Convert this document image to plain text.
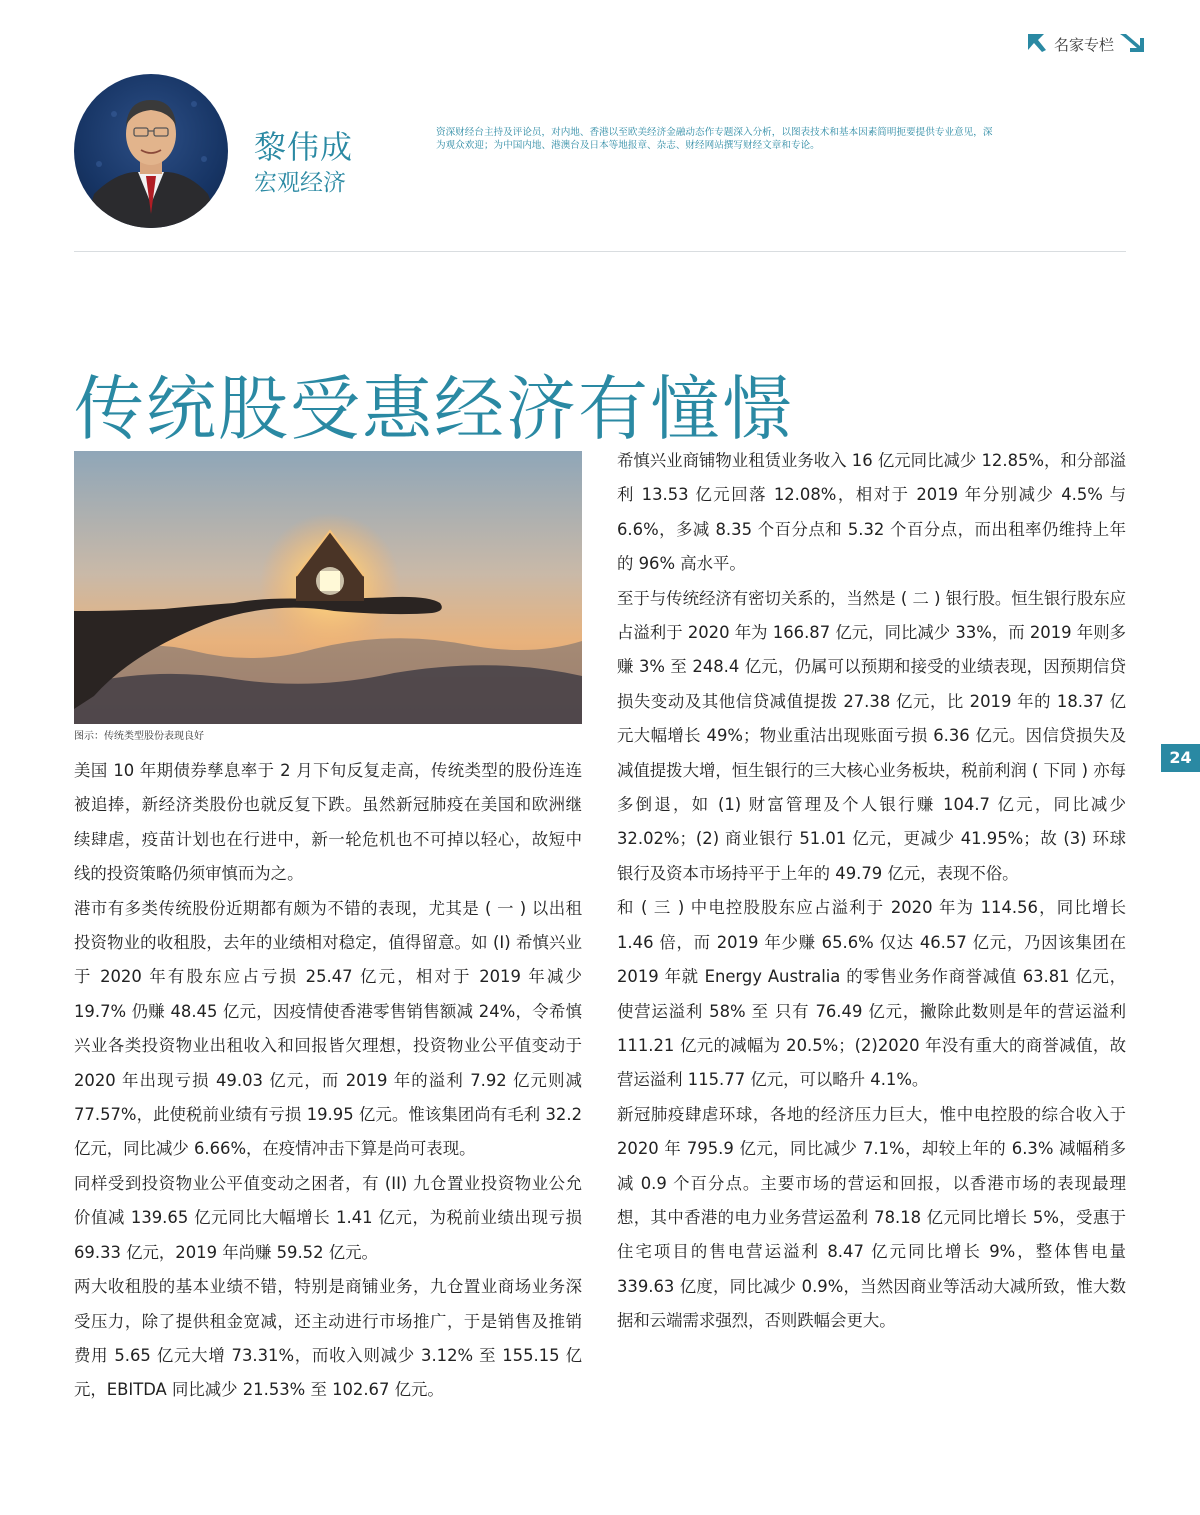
名家专栏
黎伟成
宏观经济
资深财经台主持及评论员，对内地、香港以至欧美经济金融动态作专题深入分析，以图表技术和基本因素简明扼要提供专业意见，深为观众欢迎；为中国内地、港澳台及日本等地报章、杂志、财经网站撰写财经文章和专论。
传统股受惠经济有憧憬
图示：传统类型股份表现良好

美国 10 年期债券孳息率于 2 月下旬反复走高，传统类型的股份连连被追捧，新经济类股份也就反复下跌。虽然新冠肺疫在美国和欧洲继续肆虐，疫苗计划也在行进中，新一轮危机也不可掉以轻心，故短中线的投资策略仍须审慎而为之。

港市有多类传统股份近期都有颇为不错的表现，尤其是 ( 一 ) 以出租投资物业的收租股，去年的业绩相对稳定，值得留意。如 (I) 希慎兴业于 2020 年有股东应占亏损 25.47 亿元，相对于 2019 年减少 19.7% 仍赚 48.45 亿元，因疫情使香港零售销售额减 24%，令希慎兴业各类投资物业出租收入和回报皆欠理想，投资物业公平值变动于 2020 年出现亏损 49.03 亿元，而 2019 年的溢利 7.92 亿元则减 77.57%，此使税前业绩有亏损 19.95 亿元。惟该集团尚有毛利 32.2 亿元，同比减少 6.66%，在疫情冲击下算是尚可表现。

同样受到投资物业公平值变动之困者，有 (II) 九仓置业投资物业公允价值减 139.65 亿元同比大幅增长 1.41 亿元，为税前业绩出现亏损 69.33 亿元，2019 年尚赚 59.52 亿元。

两大收租股的基本业绩不错，特别是商铺业务，九仓置业商场业务深受压力，除了提供租金宽减，还主动进行市场推广，于是销售及推销费用 5.65 亿元大增 73.31%，而收入则减少 3.12% 至 155.15 亿元，EBITDA 同比减少 21.53% 至 102.67 亿元。

希慎兴业商铺物业租赁业务收入 16 亿元同比减少 12.85%，和分部溢利 13.53 亿元回落 12.08%，相对于 2019 年分别减少 4.5% 与 6.6%，多减 8.35 个百分点和 5.32 个百分点，而出租率仍维持上年的 96% 高水平。

至于与传统经济有密切关系的，当然是 ( 二 ) 银行股。恒生银行股东应占溢利于 2020 年为 166.87 亿元，同比减少 33%，而 2019 年则多赚 3% 至 248.4 亿元，仍属可以预期和接受的业绩表现，因预期信贷损失变动及其他信贷减值提拨 27.38 亿元，比 2019 年的 18.37 亿元大幅增长 49%；物业重沽出现账面亏损 6.36 亿元。因信贷损失及减值提拨大增，恒生银行的三大核心业务板块，税前利润 ( 下同 ) 亦每多倒退，如 (1) 财富管理及个人银行赚 104.7 亿元，同比减少 32.02%；(2) 商业银行 51.01 亿元，更减少 41.95%；故 (3) 环球银行及资本市场持平于上年的 49.79 亿元，表现不俗。

和 ( 三 ) 中电控股股东应占溢利于 2020 年为 114.56，同比增长 1.46 倍，而 2019 年少赚 65.6% 仅达 46.57 亿元，乃因该集团在 2019 年就 Energy Australia 的零售业务作商誉减值 63.81 亿元，使营运溢利 58% 至 只有 76.49 亿元，撇除此数则是年的营运溢利 111.21 亿元的减幅为 20.5%；(2)2020 年没有重大的商誉减值，故营运溢利 115.77 亿元，可以略升 4.1%。

新冠肺疫肆虐环球，各地的经济压力巨大，惟中电控股的综合收入于 2020 年 795.9 亿元，同比减少 7.1%，却较上年的 6.3% 减幅稍多减 0.9 个百分点。主要市场的营运和回报，以香港市场的表现最理想，其中香港的电力业务营运盈利 78.18 亿元同比增长 5%，受惠于住宅项目的售电营运溢利 8.47 亿元同比增长 9%，整体售电量 339.63 亿度，同比减少 0.9%，当然因商业等活动大减所致，惟大数据和云端需求强烈，否则跌幅会更大。

24
